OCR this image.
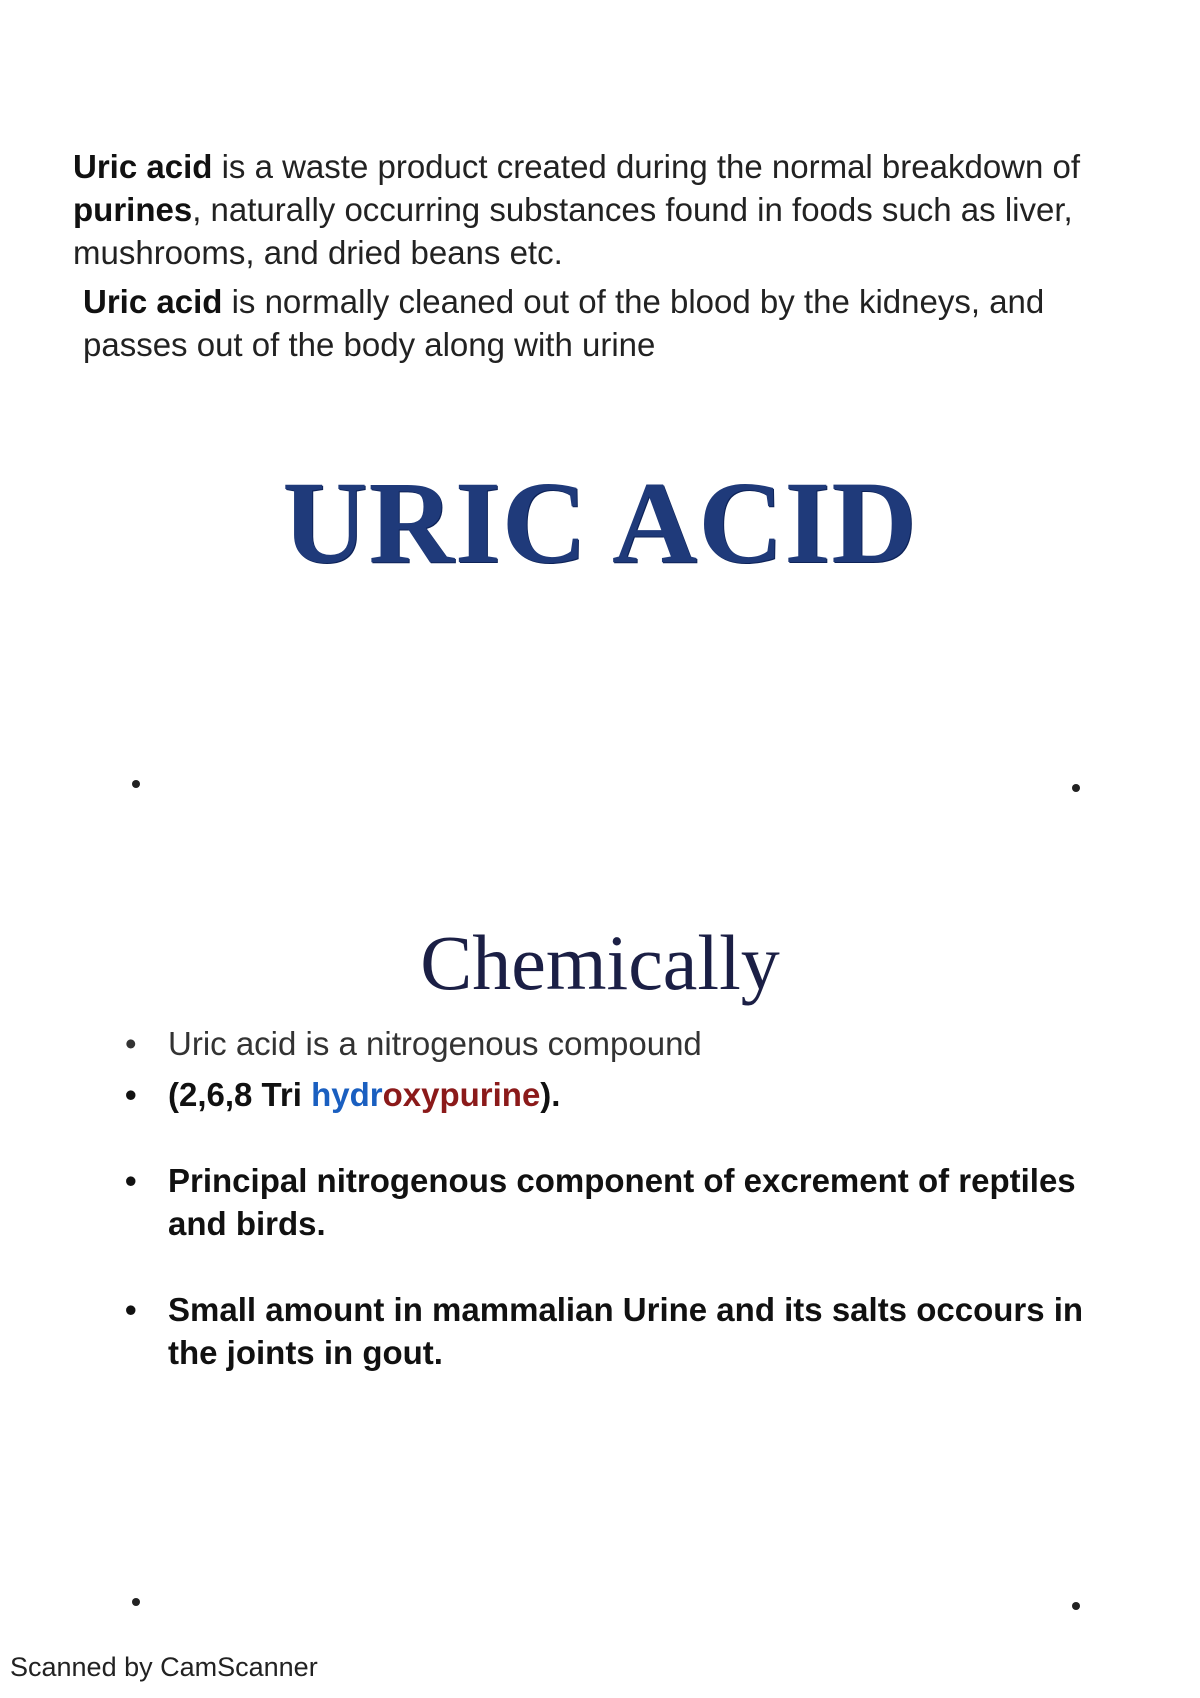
Uric acid is a waste product created during the normal breakdown of purines, naturally occurring substances found in foods such as liver, mushrooms, and dried beans etc.

Uric acid is normally cleaned out of the blood by the kidneys, and passes out of the body along with urine

URIC ACID
Chemically
• Uric acid is a nitrogenous compound
• (2,6,8 Tri hydroxypurine).
• Principal nitrogenous component of excrement of reptiles and birds.
• Small amount in mammalian Urine and its salts occours in the joints in gout.
Scanned by CamScanner
